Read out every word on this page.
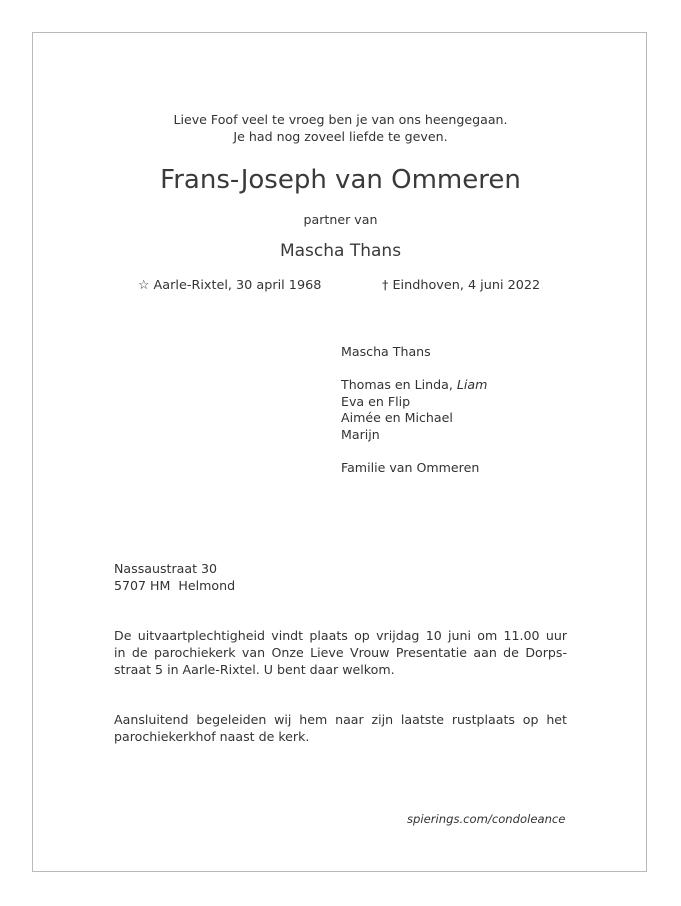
Lieve Foof veel te vroeg ben je van ons heengegaan.
Je had nog zoveel liefde te geven.
Frans-Joseph van Ommeren
partner van
Mascha Thans
☆ Aarle-Rixtel, 30 april 1968	† Eindhoven, 4 juni 2022
Mascha Thans
Thomas en Linda, Liam
Eva en Flip
Aimée en Michael
Marijn
Familie van Ommeren
Nassaustraat 30
5707 HM  Helmond
De uitvaartplechtigheid vindt plaats op vrijdag 10 juni om 11.00 uur
in de parochiekerk van Onze Lieve Vrouw Presentatie aan de Dorps-
straat 5 in Aarle-Rixtel. U bent daar welkom.
Aansluitend begeleiden wij hem naar zijn laatste rustplaats op het
parochiekerkhof naast de kerk.
spierings.com/condoleance
